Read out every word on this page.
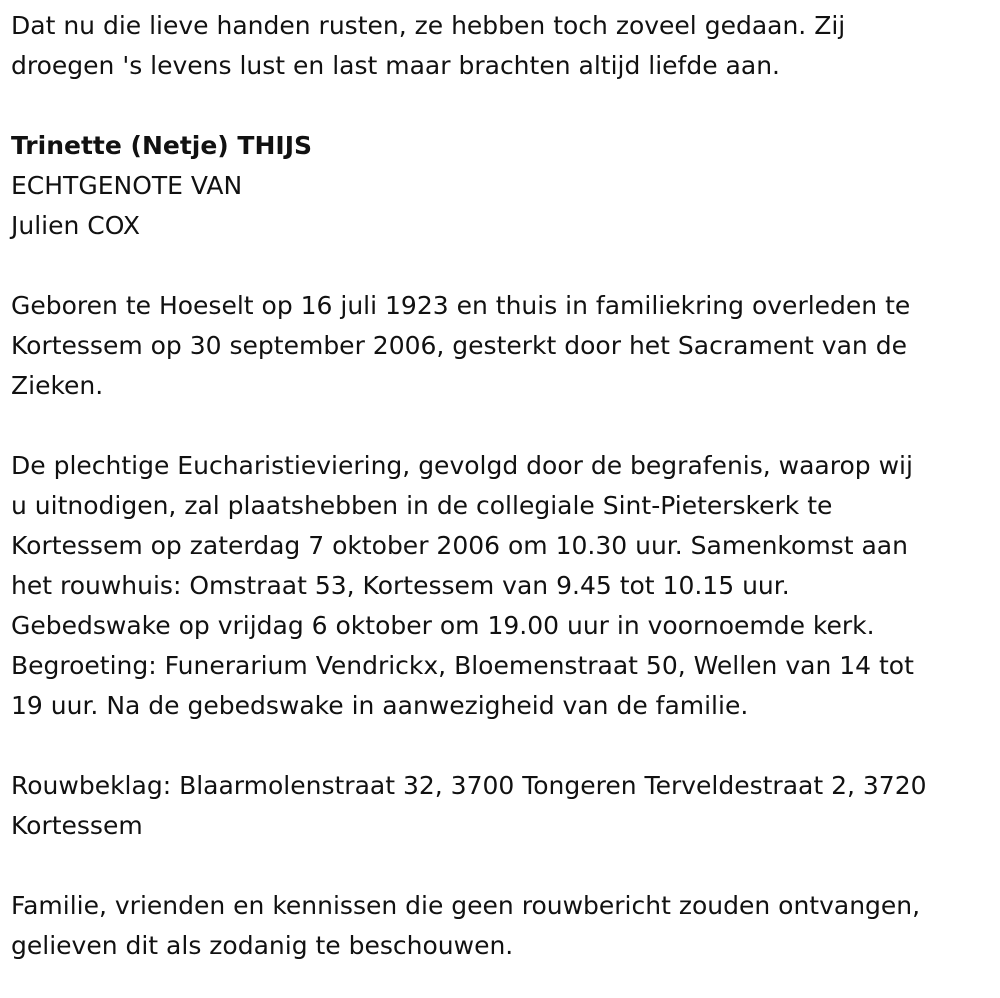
Dat nu die lieve handen rusten, ze hebben toch zoveel gedaan. Zij

droegen 's levens lust en last maar brachten altijd liefde aan.

Trinette (Netje) THIJS

ECHTGENOTE VAN

Julien COX

Geboren te Hoeselt op 16 juli 1923 en thuis in familiekring overleden te

Kortessem op 30 september 2006, gesterkt door het Sacrament van de

Zieken.

De plechtige Eucharistieviering, gevolgd door de begrafenis, waarop wij

u uitnodigen, zal plaatshebben in de collegiale Sint-Pieterskerk te

Kortessem op zaterdag 7 oktober 2006 om 10.30 uur. Samenkomst aan

het rouwhuis: Omstraat 53, Kortessem van 9.45 tot 10.15 uur.

Gebedswake op vrijdag 6 oktober om 19.00 uur in voornoemde kerk.

Begroeting: Funerarium Vendrickx, Bloemenstraat 50, Wellen van 14 tot

19 uur. Na de gebedswake in aanwezigheid van de familie.

Rouwbeklag: Blaarmolenstraat 32, 3700 Tongeren Terveldestraat 2, 3720

Kortessem

Familie, vrienden en kennissen die geen rouwbericht zouden ontvangen,

gelieven dit als zodanig te beschouwen.
